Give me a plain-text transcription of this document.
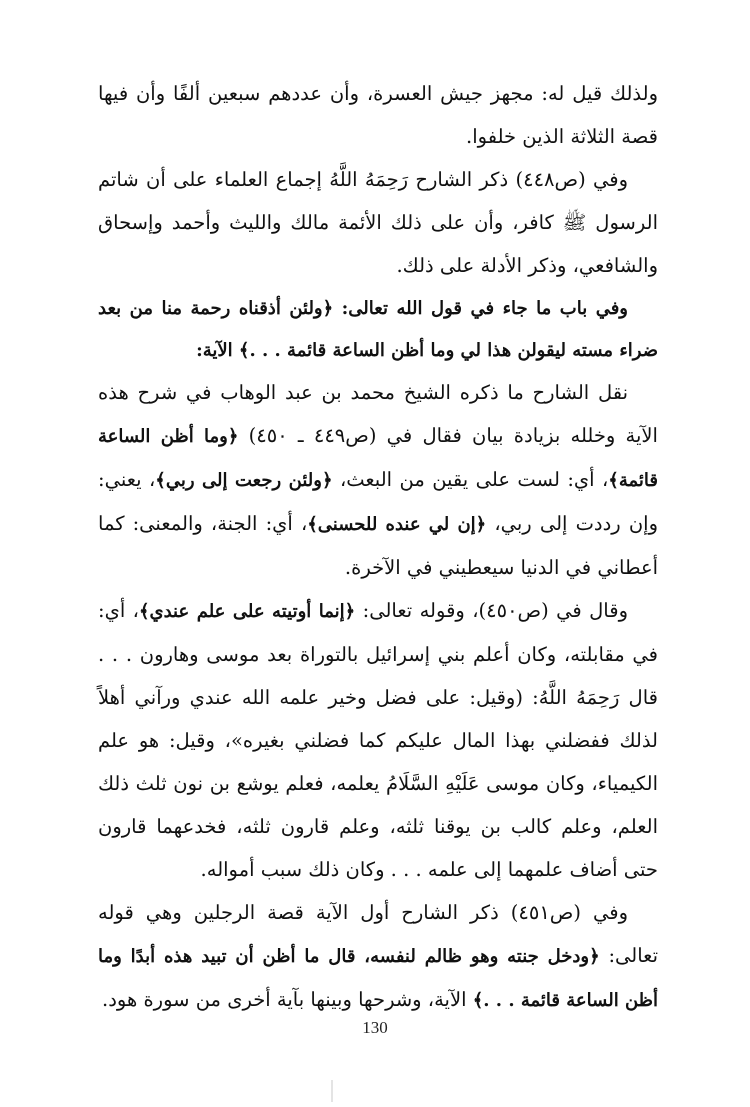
ولذلك قيل له: مجهز جيش العسرة، وأن عددهم سبعين ألفًا وأن فيها قصة الثلاثة الذين خلفوا.

وفي (ص٤٤٨) ذكر الشارح رَحِمَهُ اللَّهُ إجماع العلماء على أن شاتم الرسول ﷺ كافر، وأن على ذلك الأئمة مالك والليث وأحمد وإسحاق والشافعي، وذكر الأدلة على ذلك.

وفي باب ما جاء في قول الله تعالى: ﴿ولئن أذقناه رحمة منا من بعد ضراء مسته ليقولن هذا لي وما أظن الساعة قائمة . . .﴾ الآية:

نقل الشارح ما ذكره الشيخ محمد بن عبد الوهاب في شرح هذه الآية وخلله بزيادة بيان فقال في (ص٤٤٩ ـ ٤٥٠) ﴿وما أظن الساعة قائمة﴾، أي: لست على يقين من البعث، ﴿ولئن رجعت إلى ربي﴾، يعني: وإن رددت إلى ربي، ﴿إن لي عنده للحسنى﴾، أي: الجنة، والمعنى: كما أعطاني في الدنيا سيعطيني في الآخرة.

وقال في (ص٤٥٠)، وقوله تعالى: ﴿إنما أوتيته على علم عندي﴾، أي: في مقابلته، وكان أعلم بني إسرائيل بالتوراة بعد موسى وهارون . . . قال رَحِمَهُ اللَّهُ: (وقيل: على فضل وخير علمه الله عندي ورآني أهلاً لذلك ففضلني بهذا المال عليكم كما فضلني بغيره»، وقيل: هو علم الكيمياء، وكان موسى عَلَيْهِ السَّلَامُ يعلمه، فعلم يوشع بن نون ثلث ذلك العلم، وعلم كالب بن يوقنا ثلثه، وعلم قارون ثلثه، فخدعهما قارون حتى أضاف علمهما إلى علمه . . . وكان ذلك سبب أمواله.

وفي (ص٤٥١) ذكر الشارح أول الآية قصة الرجلين وهي قوله تعالى: ﴿ودخل جنته وهو ظالم لنفسه، قال ما أظن أن تبيد هذه أبدًا وما أظن الساعة قائمة . . .﴾ الآية، وشرحها وبينها بآية أخرى من سورة هود.

130
